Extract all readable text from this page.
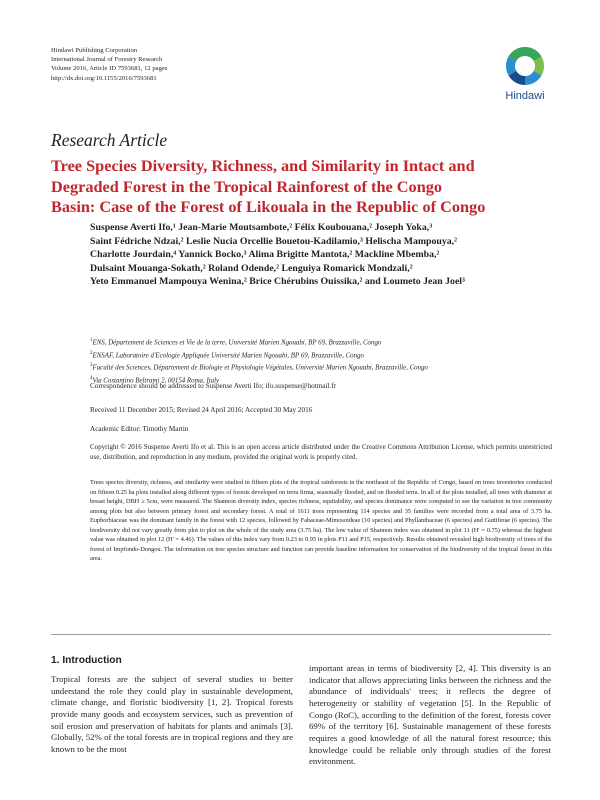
Hindawi Publishing Corporation
International Journal of Forestry Research
Volume 2016, Article ID 7593681, 12 pages
http://dx.doi.org/10.1155/2016/7593681
Hindawi
Research Article
Tree Species Diversity, Richness, and Similarity in Intact and
Degraded Forest in the Tropical Rainforest of the Congo
Basin: Case of the Forest of Likouala in the Republic of Congo
Suspense Averti Ifo,¹ Jean-Marie Moutsambote,² Félix Koubouana,² Joseph Yoka,³
Saint Fédriche Ndzai,² Leslie Nucia Orcellie Bouetou-Kadilamio,³ Helischa Mampouya,²
Charlotte Jourdain,⁴ Yannick Bocko,³ Alima Brigitte Mantota,² Mackline Mbemba,²
Dulsaint Mouanga-Sokath,² Roland Odende,² Lenguiya Romarick Mondzali,²
Yeto Emmanuel Mampouya Wenina,² Brice Chérubins Ouissika,² and Loumeto Jean Joel³
$^1$ENS, Département de Sciences et Vie de la terre, Université Marien Ngouabi, BP 69, Brazzaville, Congo
$^2$ENSAF, Laboratoire d'Ecologie Appliquée Université Marien Ngouabi, BP 69, Brazzaville, Congo
$^3$Faculté des Sciences, Département de Biologie et Physiologie Végétales, Université Marien Ngouabi, Brazzaville, Congo
$^4$Via Costantino Beltrami 2, 00154 Roma, Italy
Correspondence should be addressed to Suspense Averti Ifo; ifo.suspense@hotmail.fr
Received 11 December 2015; Revised 24 April 2016; Accepted 30 May 2016
Academic Editor: Timothy Martin
Copyright © 2016 Suspense Averti Ifo et al. This is an open access article distributed under the Creative Commons Attribution License, which permits unrestricted use, distribution, and reproduction in any medium, provided the original work is properly cited.
Trees species diversity, richness, and similarity were studied in fifteen plots of the tropical rainforests in the northeast of the Republic of Congo, based on trees inventories conducted on fifteen 0.25 ha plots installed along different types of forests developed on terra firma, seasonally flooded, and on flooded terra. In all of the plots installed, all trees with diameter at breast height, DBH ≥ 5cm, were measured. The Shannon diversity index, species richness, equitability, and species dominance were computed to see the variation in tree community among plots but also between primary forest and secondary forest. A total of 1611 trees representing 114 species and 35 families were recorded from a total area of 3.75 ha. Euphorbiaceae was the dominant family in the forest with 12 species, followed by Fabaceae-Mimosoideae (10 species) and Phyllanthaceae (6 species) and Guttiferae (6 species). The biodiversity did not vary greatly from plot to plot on the whole of the study area (3.75 ha). The low value of Shannon index was obtained in plot 11 (H' = 0.75) whereas the highest value was obtained in plot 12 (H' = 4.46). The values of this index vary from 0.23 to 0.95 in plots P11 and P15, respectively. Results obtained revealed high biodiversity of trees of the forest of Impfondo-Dongou. The information on tree species structure and function can provide baseline information for conservation of the biodiversity of the tropical forest in this area.
1. Introduction
Tropical forests are the subject of several studies to better understand the role they could play in sustainable development, climate change, and floristic biodiversity [1, 2]. Tropical forests provide many goods and ecosystem services, such as prevention of soil erosion and preservation of habitats for plants and animals [3]. Globally, 52% of the total forests are in tropical regions and they are known to be the most
important areas in terms of biodiversity [2, 4]. This diversity is an indicator that allows appreciating links between the richness and the abundance of individuals' trees; it reflects the degree of heterogeneity or stability of vegetation [5]. In the Republic of Congo (RoC), according to the definition of the forest, forests cover 69% of the territory [6]. Sustainable management of these forests requires a good knowledge of all the natural forest resource; this knowledge could be reliable only through studies of the forest environment.
